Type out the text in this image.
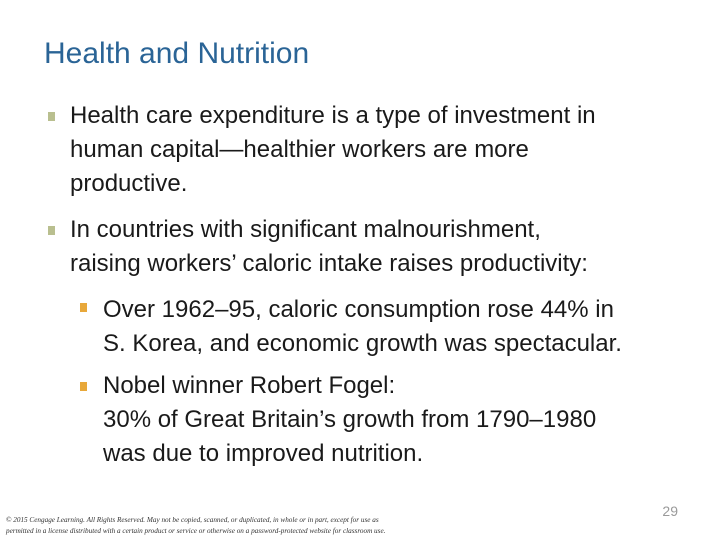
Health and Nutrition
Health care expenditure is a type of investment in
human capital—healthier workers are more
productive.
In countries with significant malnourishment,
raising workers’ caloric intake raises productivity:
Over 1962–95, caloric consumption rose 44% in
S. Korea, and economic growth was spectacular.
Nobel winner Robert Fogel:
30% of Great Britain’s growth from 1790–1980
was due to improved nutrition.
© 2015 Cengage Learning. All Rights Reserved. May not be copied, scanned, or duplicated, in whole or in part, except for use as
permitted in a license distributed with a certain product or service or otherwise on a password-protected website for classroom use.
29
